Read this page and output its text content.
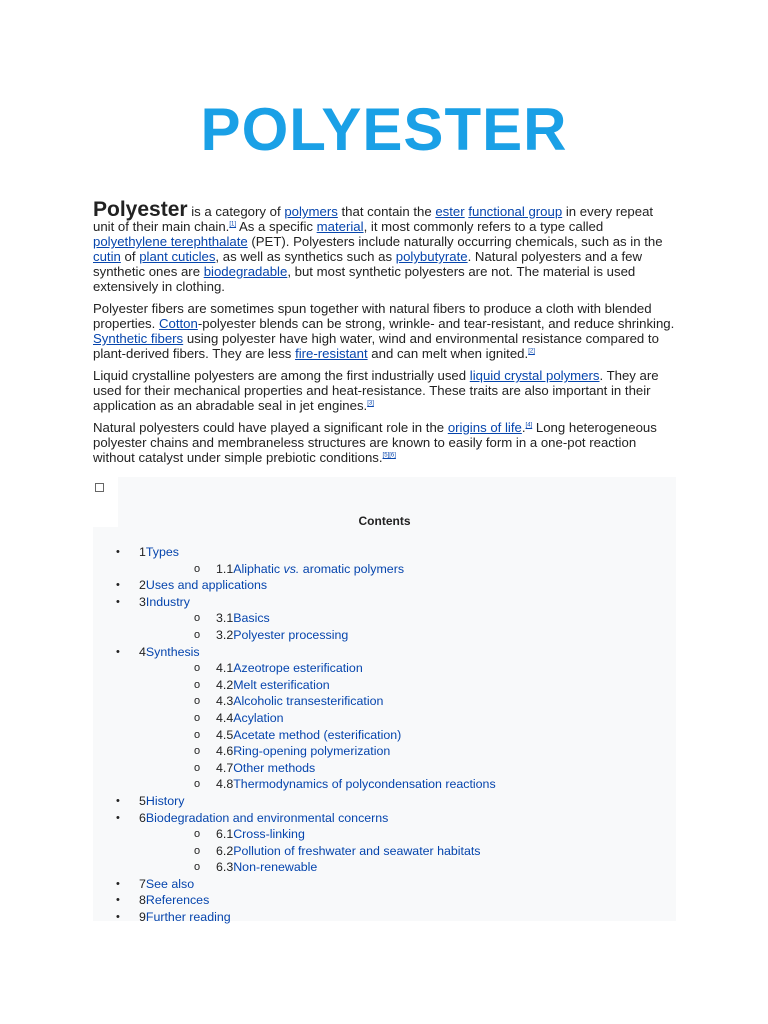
POLYESTER

Polyester is a category of polymers that contain the ester functional group in every repeat unit of their main chain.[1] As a specific material, it most commonly refers to a type called polyethylene terephthalate (PET). Polyesters include naturally occurring chemicals, such as in the cutin of plant cuticles, as well as synthetics such as polybutyrate. Natural polyesters and a few synthetic ones are biodegradable, but most synthetic polyesters are not. The material is used extensively in clothing.

Polyester fibers are sometimes spun together with natural fibers to produce a cloth with blended properties. Cotton-polyester blends can be strong, wrinkle- and tear-resistant, and reduce shrinking. Synthetic fibers using polyester have high water, wind and environmental resistance compared to plant-derived fibers. They are less fire-resistant and can melt when ignited.[2]

Liquid crystalline polyesters are among the first industrially used liquid crystal polymers. They are used for their mechanical properties and heat-resistance. These traits are also important in their application as an abradable seal in jet engines.[3]

Natural polyesters could have played a significant role in the origins of life.[4] Long heterogeneous polyester chains and membraneless structures are known to easily form in a one-pot reaction without catalyst under simple prebiotic conditions.[5][6]

Contents
• 1Types
o 1.1Aliphatic vs. aromatic polymers
• 2Uses and applications
• 3Industry
o 3.1Basics
o 3.2Polyester processing
• 4Synthesis
o 4.1Azeotrope esterification
o 4.2Melt esterification
o 4.3Alcoholic transesterification
o 4.4Acylation
o 4.5Acetate method (esterification)
o 4.6Ring-opening polymerization
o 4.7Other methods
o 4.8Thermodynamics of polycondensation reactions
• 5History
• 6Biodegradation and environmental concerns
o 6.1Cross-linking
o 6.2Pollution of freshwater and seawater habitats
o 6.3Non-renewable
• 7See also
• 8References
• 9Further reading
